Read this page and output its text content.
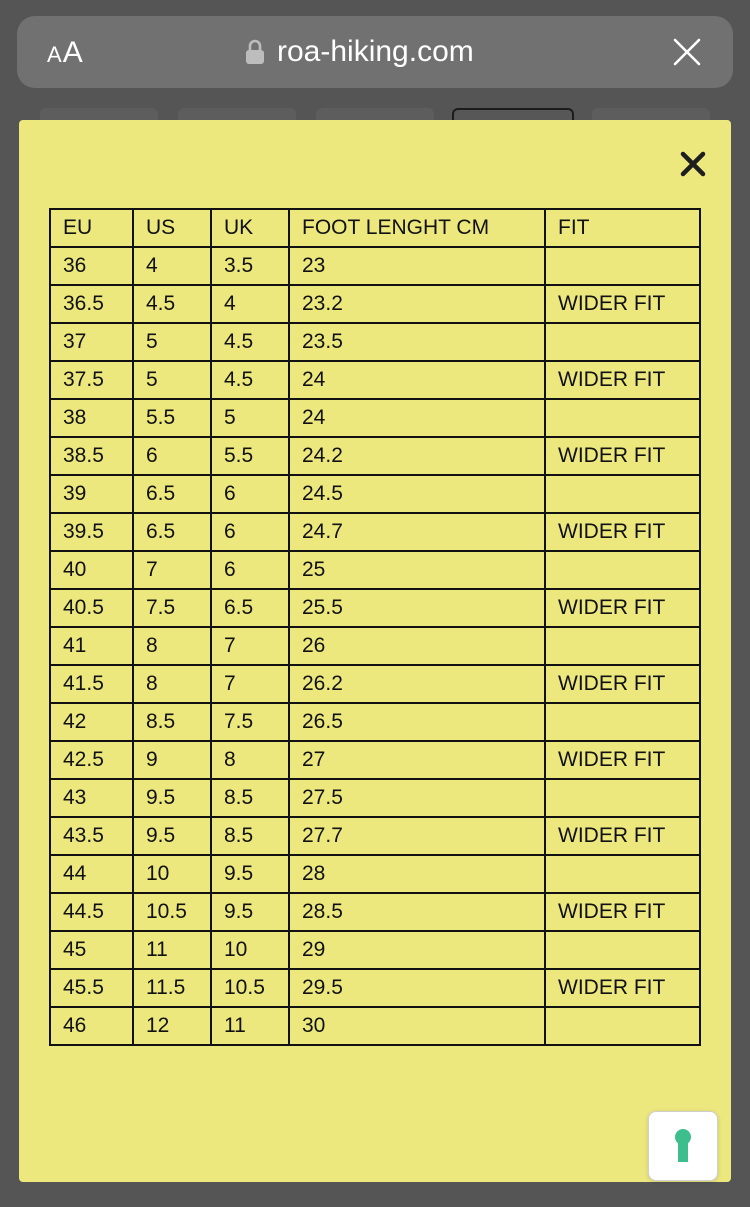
AA	roa-hiking.com
EU	US	UK	FOOT LENGHT CM	FIT
36	4	3.5	23	
36.5	4.5	4	23.2	WIDER FIT
37	5	4.5	23.5	
37.5	5	4.5	24	WIDER FIT
38	5.5	5	24	
38.5	6	5.5	24.2	WIDER FIT
39	6.5	6	24.5	
39.5	6.5	6	24.7	WIDER FIT
40	7	6	25	
40.5	7.5	6.5	25.5	WIDER FIT
41	8	7	26	
41.5	8	7	26.2	WIDER FIT
42	8.5	7.5	26.5	
42.5	9	8	27	WIDER FIT
43	9.5	8.5	27.5	
43.5	9.5	8.5	27.7	WIDER FIT
44	10	9.5	28	
44.5	10.5	9.5	28.5	WIDER FIT
45	11	10	29	
45.5	11.5	10.5	29.5	WIDER FIT
46	12	11	30	
